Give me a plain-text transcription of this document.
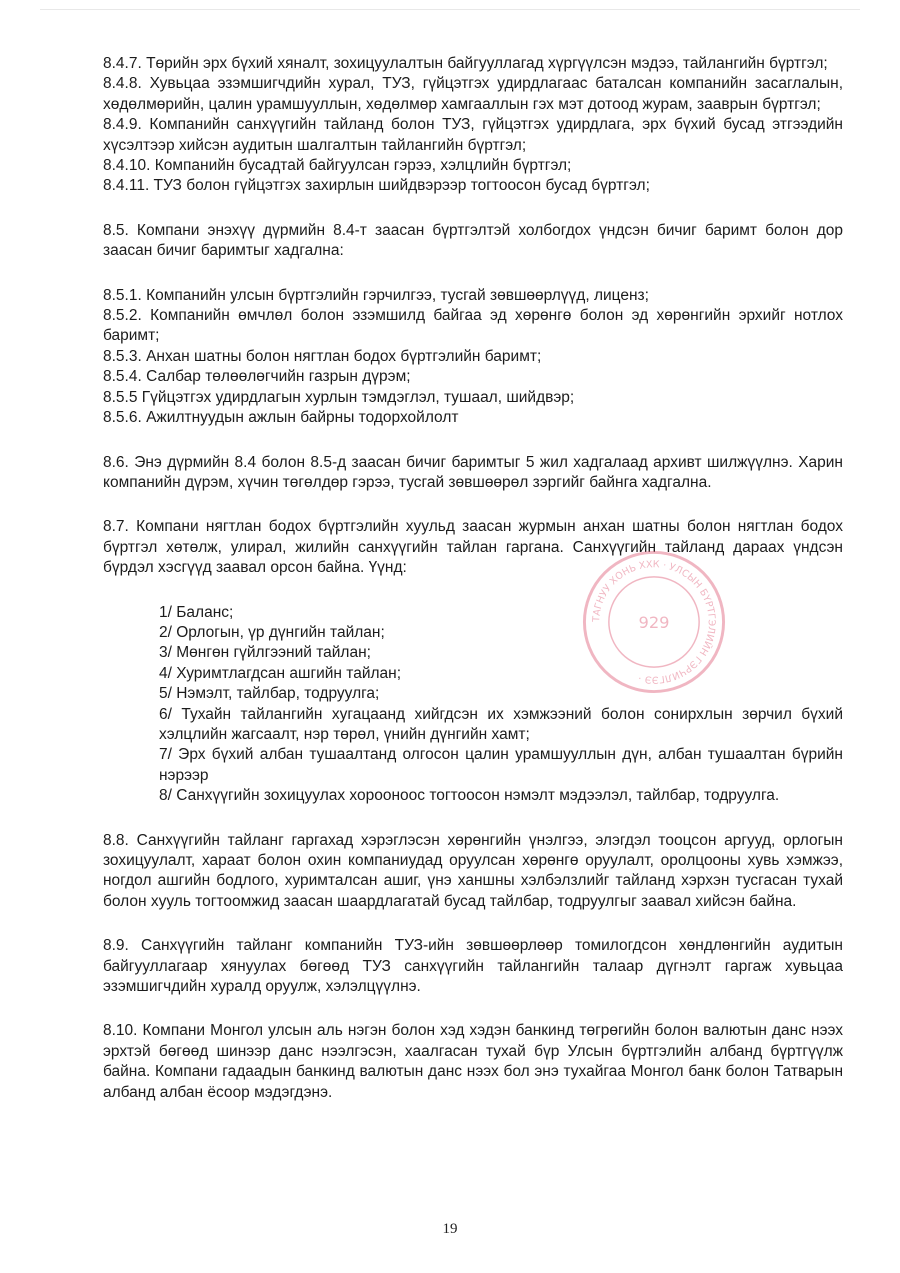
8.4.7. Төрийн эрх бүхий хяналт, зохицуулалтын байгууллагад хүргүүлсэн мэдээ, тайлангийн бүртгэл;

8.4.8. Хувьцаа эзэмшигчдийн хурал, ТУЗ, гүйцэтгэх удирдлагаас баталсан компанийн засаглалын, хөдөлмөрийн, цалин урамшууллын, хөдөлмөр хамгааллын гэх мэт дотоод журам, зааврын бүртгэл;

8.4.9. Компанийн санхүүгийн тайланд болон ТУЗ, гүйцэтгэх удирдлага, эрх бүхий бусад этгээдийн хүсэлтээр хийсэн аудитын шалгалтын тайлангийн бүртгэл;

8.4.10. Компанийн бусадтай байгуулсан гэрээ, хэлцлийн бүртгэл;

8.4.11. ТУЗ болон гүйцэтгэх захирлын шийдвэрээр тогтоосон бусад бүртгэл;

8.5. Компани энэхүү дүрмийн 8.4-т заасан бүртгэлтэй холбогдох үндсэн бичиг баримт болон дор заасан бичиг баримтыг хадгална:

8.5.1. Компанийн улсын бүртгэлийн гэрчилгээ, тусгай зөвшөөрлүүд, лиценз;

8.5.2. Компанийн өмчлөл болон эзэмшилд байгаа эд хөрөнгө болон эд хөрөнгийн эрхийг нотлох баримт;

8.5.3. Анхан шатны болон нягтлан бодох бүртгэлийн баримт;

8.5.4. Салбар төлөөлөгчийн газрын дүрэм;

8.5.5 Гүйцэтгэх удирдлагын хурлын тэмдэглэл, тушаал, шийдвэр;

8.5.6. Ажилтнуудын ажлын байрны тодорхойлолт

8.6. Энэ дүрмийн 8.4 болон 8.5-д заасан бичиг баримтыг 5 жил хадгалаад архивт шилжүүлнэ. Харин компанийн дүрэм, хүчин төгөлдөр гэрээ, тусгай зөвшөөрөл зэргийг байнга хадгална.

8.7. Компани нягтлан бодох бүртгэлийн хуульд заасан журмын анхан шатны болон нягтлан бодох бүртгэл хөтөлж, улирал, жилийн санхүүгийн тайлан гаргана. Санхүүгийн тайланд дараах үндсэн бүрдэл хэсгүүд заавал орсон байна. Үүнд:

1/ Баланс;

2/ Орлогын, үр дүнгийн тайлан;

3/ Мөнгөн гүйлгээний тайлан;

4/ Хуримтлагдсан ашгийн тайлан;

5/ Нэмэлт, тайлбар, тодруулга;

6/ Тухайн тайлангийн хугацаанд хийгдсэн их хэмжээний болон сонирхлын зөрчил бүхий хэлцлийн жагсаалт, нэр төрөл, үнийн дүнгийн хамт;

7/ Эрх бүхий албан тушаалтанд олгосон цалин урамшууллын дүн, албан тушаалтан бүрийн нэрээр

8/ Санхүүгийн зохицуулах хорооноос тогтоосон нэмэлт мэдээлэл, тайлбар, тодруулга.

8.8. Санхүүгийн тайланг гаргахад хэрэглэсэн хөрөнгийн үнэлгээ, элэгдэл тооцсон аргууд, орлогын зохицуулалт, хараат болон охин компаниудад оруулсан хөрөнгө оруулалт, оролцооны хувь хэмжээ, ногдол ашгийн бодлого, хуримталсан ашиг, үнэ ханшны хэлбэлзлийг тайланд хэрхэн тусгасан тухай болон хууль тогтоомжид заасан шаардлагатай бусад тайлбар, тодруулгыг заавал хийсэн байна.

8.9. Санхүүгийн тайланг компанийн ТУЗ-ийн зөвшөөрлөөр томилогдсон хөндлөнгийн аудитын байгууллагаар хянуулах бөгөөд ТУЗ санхүүгийн тайлангийн талаар дүгнэлт гаргаж хувьцаа эзэмшигчдийн хуралд оруулж, хэлэлцүүлнэ.

8.10. Компани Монгол улсын аль нэгэн болон хэд хэдэн банкинд төгрөгийн болон валютын данс нээх эрхтэй бөгөөд шинээр данс нээлгэсэн, хаалгасан тухай бүр Улсын бүртгэлийн албанд бүртгүүлж байна. Компани гадаадын банкинд валютын данс нээх бол энэ тухайгаа Монгол банк болон Татварын албанд албан ёсоор мэдэгдэнэ.

ТАГНУУ ХОНЬ ХХК · УЛСЫН БҮРТГЭЛИЙН ГЭРЧИЛГЭЭ ·
929
19
